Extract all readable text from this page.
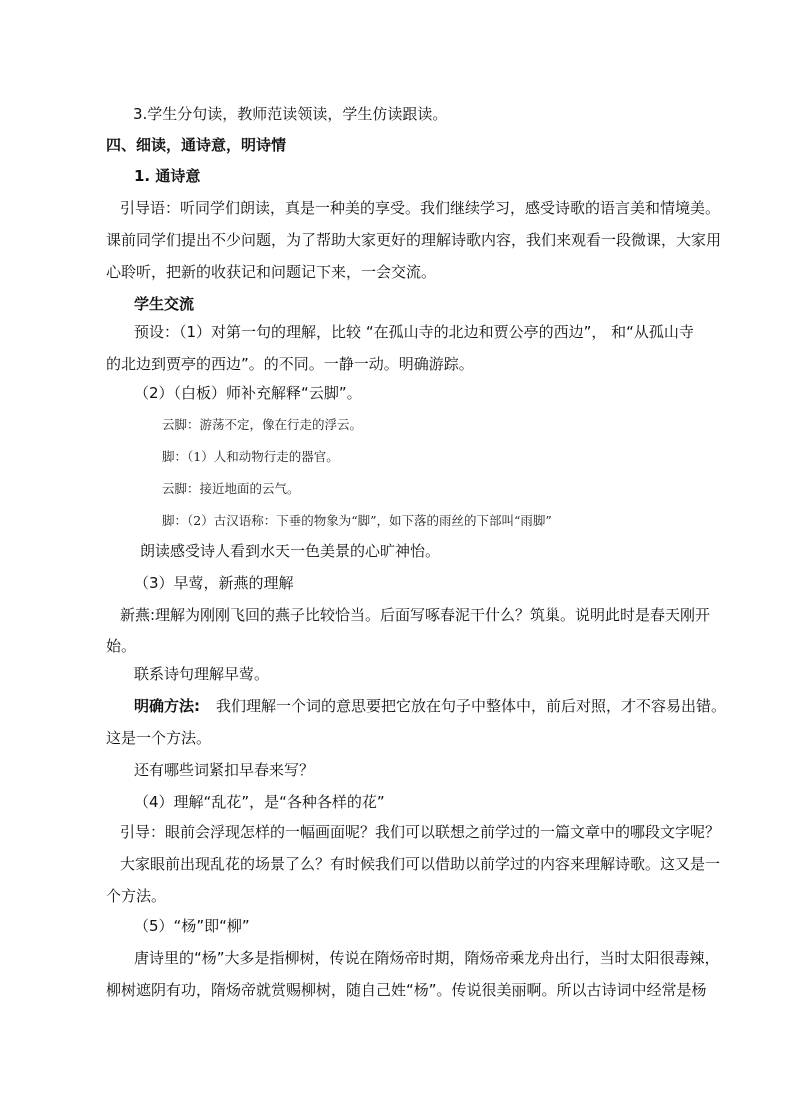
3.学生分句读，教师范读领读，学生仿读跟读。
四、细读，通诗意，明诗情
1. 通诗意
引导语：听同学们朗读，真是一种美的享受。我们继续学习，感受诗歌的语言美和情境美。
课前同学们提出不少问题，为了帮助大家更好的理解诗歌内容，我们来观看一段微课，大家用
心聆听，把新的收获记和问题记下来，一会交流。
学生交流
预设：（1）对第一句的理解，比较 “在孤山寺的北边和贾公亭的西边”， 和“从孤山寺
的北边到贾亭的西边”。的不同。一静一动。明确游踪。
（2）（白板）师补充解释“云脚”。
云脚：游荡不定，像在行走的浮云。
脚：（1）人和动物行走的器官。
云脚：接近地面的云气。
脚：（2）古汉语称：下垂的物象为“脚”，如下落的雨丝的下部叫“雨脚”
朗读感受诗人看到水天一色美景的心旷神怡。
（3）早莺，新燕的理解
新燕:理解为刚刚飞回的燕子比较恰当。后面写啄春泥干什么？筑巢。说明此时是春天刚开
始。
联系诗句理解早莺。
明确方法: 我们理解一个词的意思要把它放在句子中整体中，前后对照，才不容易出错。
这是一个方法。
还有哪些词紧扣早春来写？
（4）理解“乱花”，是“各种各样的花”
引导：眼前会浮现怎样的一幅画面呢？我们可以联想之前学过的一篇文章中的哪段文字呢？
大家眼前出现乱花的场景了么？有时候我们可以借助以前学过的内容来理解诗歌。这又是一
个方法。
（5）“杨”即“柳”
唐诗里的“杨”大多是指柳树，传说在隋炀帝时期，隋炀帝乘龙舟出行，当时太阳很毒辣，
柳树遮阴有功，隋炀帝就赏赐柳树，随自己姓“杨”。传说很美丽啊。所以古诗词中经常是杨
